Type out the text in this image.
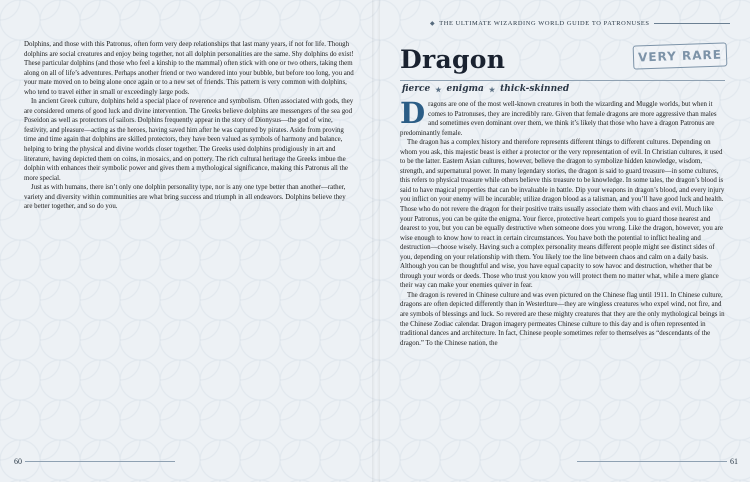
Dolphins, and those with this Patronus, often form very deep relationships that last many years, if not for life. Though dolphins are social creatures and enjoy being together, not all dolphin personalities are the same. Shy dolphins do exist! These particular dolphins (and those who feel a kinship to the mammal) often stick with one or two others, taking them along on all of life’s adventures. Perhaps another friend or two wandered into your bubble, but before too long, you and your mate moved on to being alone once again or to a new set of friends. This pattern is very common with dolphins, who tend to travel either in small or exceedingly large pods.

In ancient Greek culture, dolphins held a special place of reverence and symbolism. Often associated with gods, they are considered omens of good luck and divine intervention. The Greeks believe dolphins are messengers of the sea god Poseidon as well as protectors of sailors. Dolphins frequently appear in the story of Dionysus—the god of wine, festivity, and pleasure—acting as the heroes, having saved him after he was captured by pirates. Aside from proving time and time again that dolphins are skilled protectors, they have been valued as symbols of harmony and balance, helping to bring the physical and divine worlds closer together. The Greeks used dolphins prodigiously in art and literature, having depicted them on coins, in mosaics, and on pottery. The rich cultural heritage the Greeks imbue the dolphin with enhances their symbolic power and gives them a mythological significance, making this Patronus all the more special.

Just as with humans, there isn’t only one dolphin personality type, nor is any one type better than another—rather, variety and diversity within communities are what bring success and triumph in all endeavors. Dolphins believe they are better together, and so do you.

60
◆ THE ULTIMATE WIZARDING WORLD GUIDE TO PATRONUSES
Dragon	VERY RARE
fierce ★ enigma ★ thick-skinned

Dragons are one of the most well-known creatures in both the wizarding and Muggle worlds, but when it comes to Patronuses, they are incredibly rare. Given that female dragons are more aggressive than males and sometimes even dominant over them, we think it’s likely that those who have a dragon Patronus are predominantly female.

The dragon has a complex history and therefore represents different things to different cultures. Depending on whom you ask, this majestic beast is either a protector or the very representation of evil. In Christian cultures, it used to be the latter. Eastern Asian cultures, however, believe the dragon to symbolize hidden knowledge, wisdom, strength, and supernatural power. In many legendary stories, the dragon is said to guard treasure—in some cultures, this refers to physical treasure while others believe this treasure to be knowledge. In some tales, the dragon’s blood is said to have magical properties that can be invaluable in battle. Dip your weapons in dragon’s blood, and every injury you inflict on your enemy will be incurable; utilize dragon blood as a talisman, and you’ll have good luck and health. Those who do not revere the dragon for their positive traits usually associate them with chaos and evil. Much like your Patronus, you can be quite the enigma. Your fierce, protective heart compels you to guard those nearest and dearest to you, but you can be equally destructive when someone does you wrong. Like the dragon, however, you are wise enough to know how to react in certain circumstances. You have both the potential to inflict healing and destruction—choose wisely. Having such a complex personality means different people might see distinct sides of you, depending on your relationship with them. You likely toe the line between chaos and calm on a daily basis. Although you can be thoughtful and wise, you have equal capacity to sow havoc and destruction, whether that be through your words or deeds. Those who trust you know you will protect them no matter what, while a mere glance their way can make your enemies quiver in fear.

The dragon is revered in Chinese culture and was even pictured on the Chinese flag until 1911. In Chinese culture, dragons are often depicted differently than in Westerlture—they are wingless creatures who expel wind, not fire, and are symbols of blessings and luck. So revered are these mighty creatures that they are the only mythological beings in the Chinese Zodiac calendar. Dragon imagery permeates Chinese culture to this day and is often represented in traditional dances and architecture. In fact, Chinese people sometimes refer to themselves as “descendants of the dragon.” To the Chinese nation, the

61
